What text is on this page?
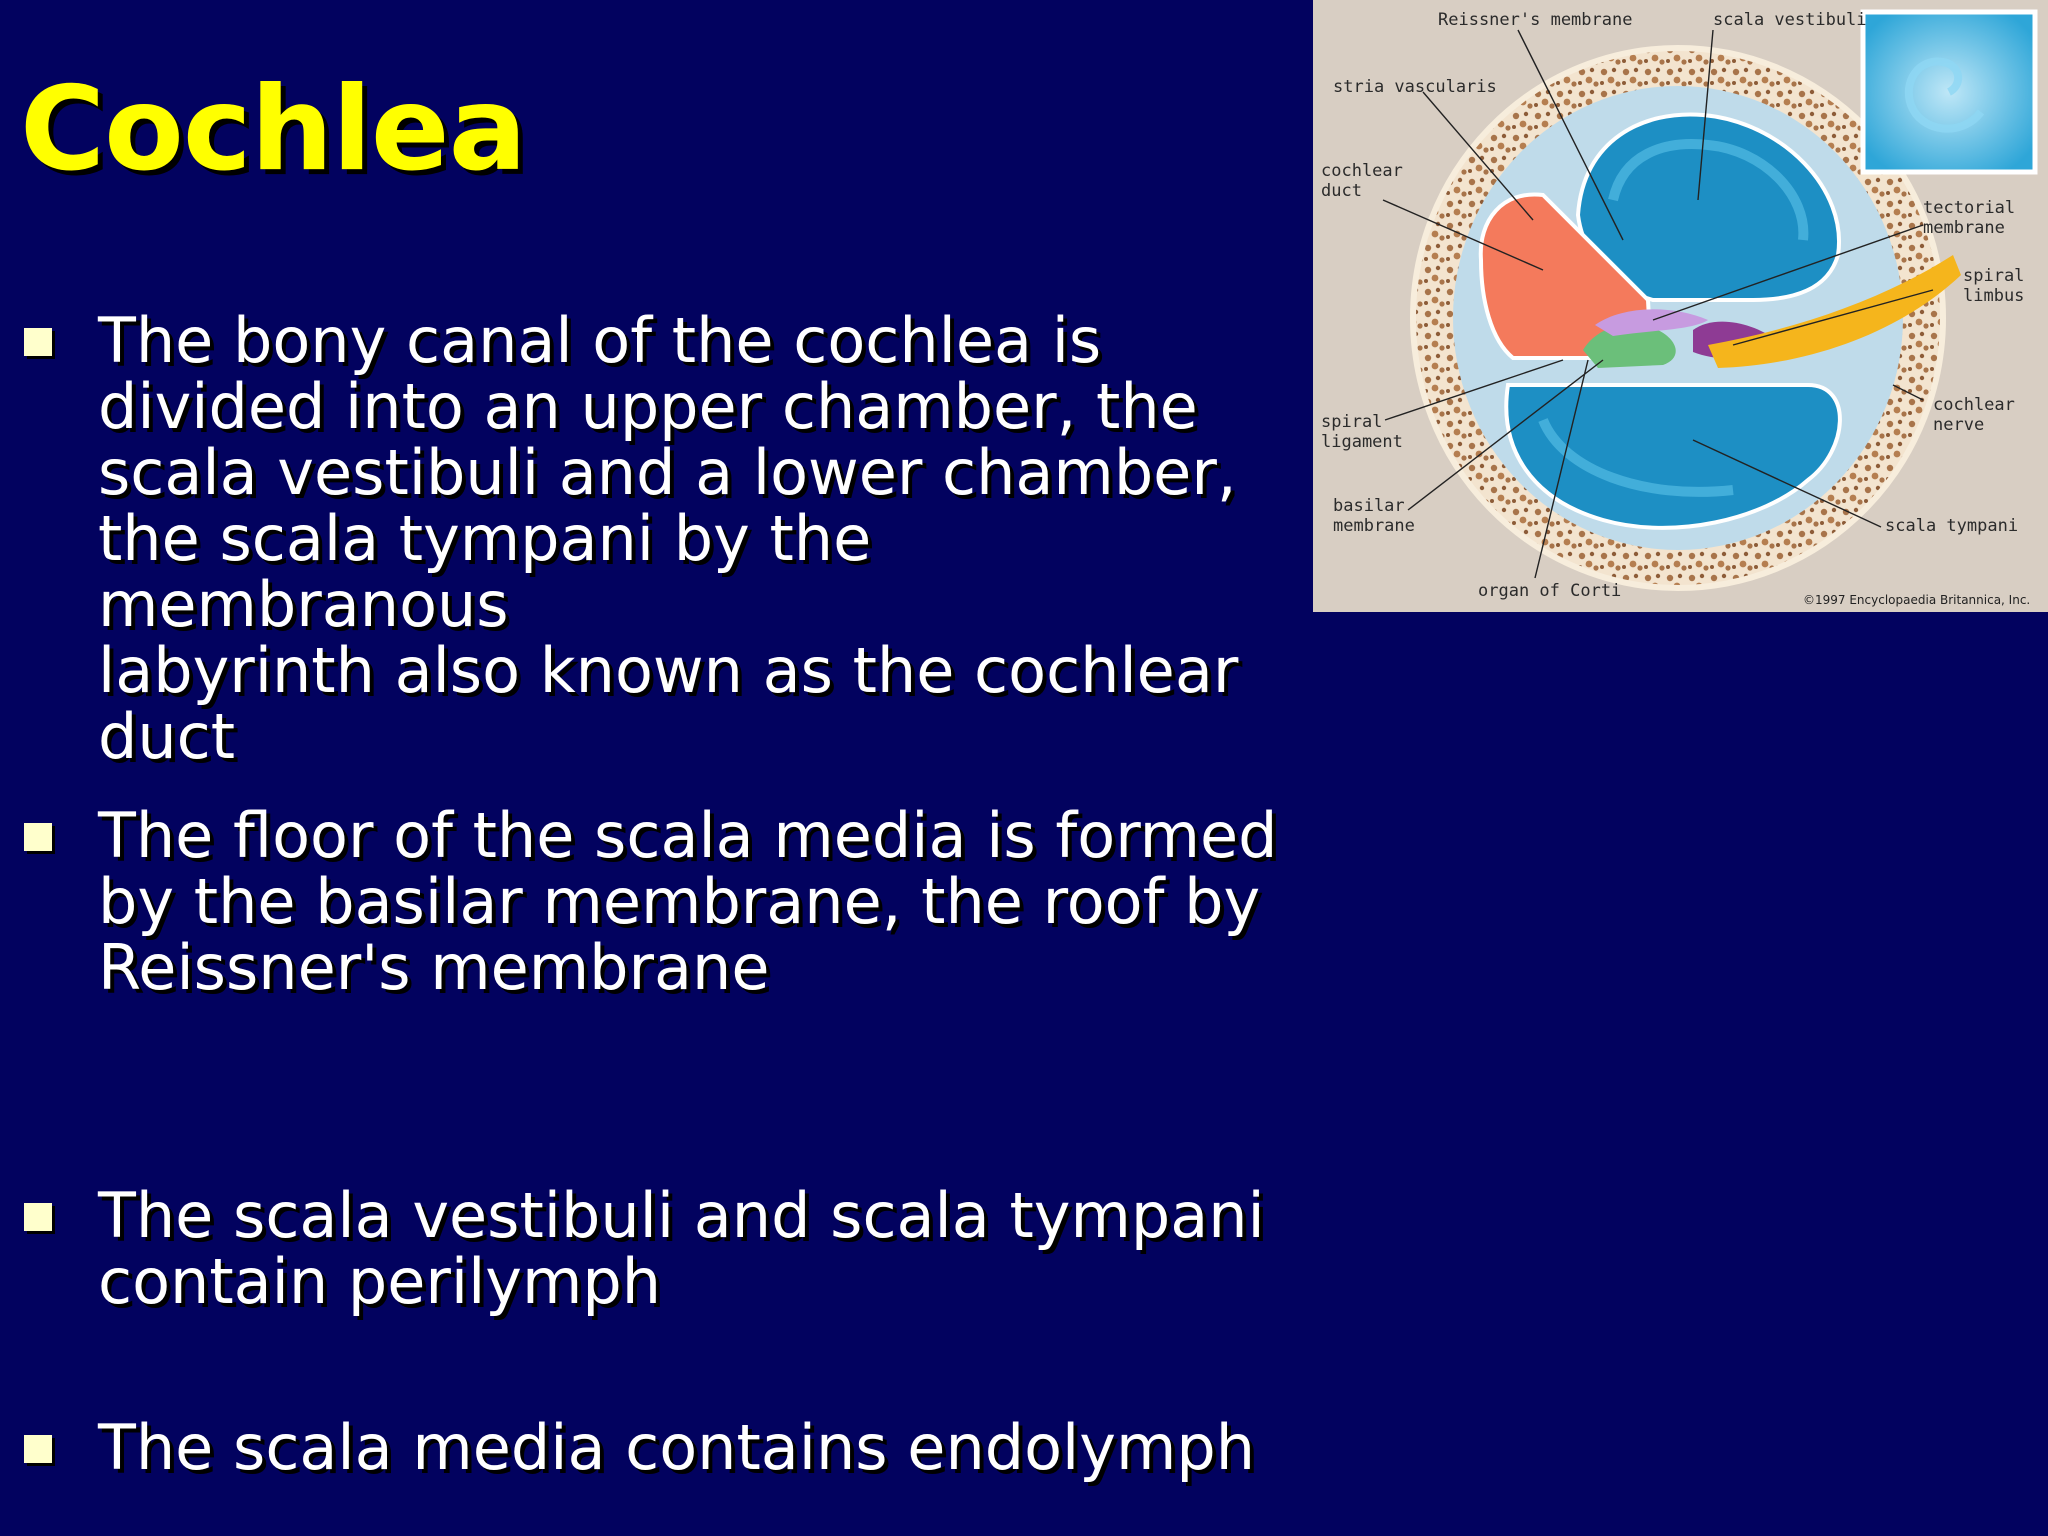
Cochlea
The bony canal of the cochlea is
divided into an upper chamber, the
scala vestibuli and a lower chamber,
the scala tympani by the membranous
labyrinth also known as the cochlear
duct
The floor of the scala media is formed
by the basilar membrane, the roof by
Reissner's membrane
The scala vestibuli and scala tympani
contain perilymph
The scala media contains endolymph
Reissner's membrane	scala vestibuli
stria vascularis
cochlear duct
tectorial membrane
spiral limbus
spiral ligament
cochlear nerve
basilar membrane	scala tympani
organ of Corti	©1997 Encyclopaedia Britannica, Inc.
